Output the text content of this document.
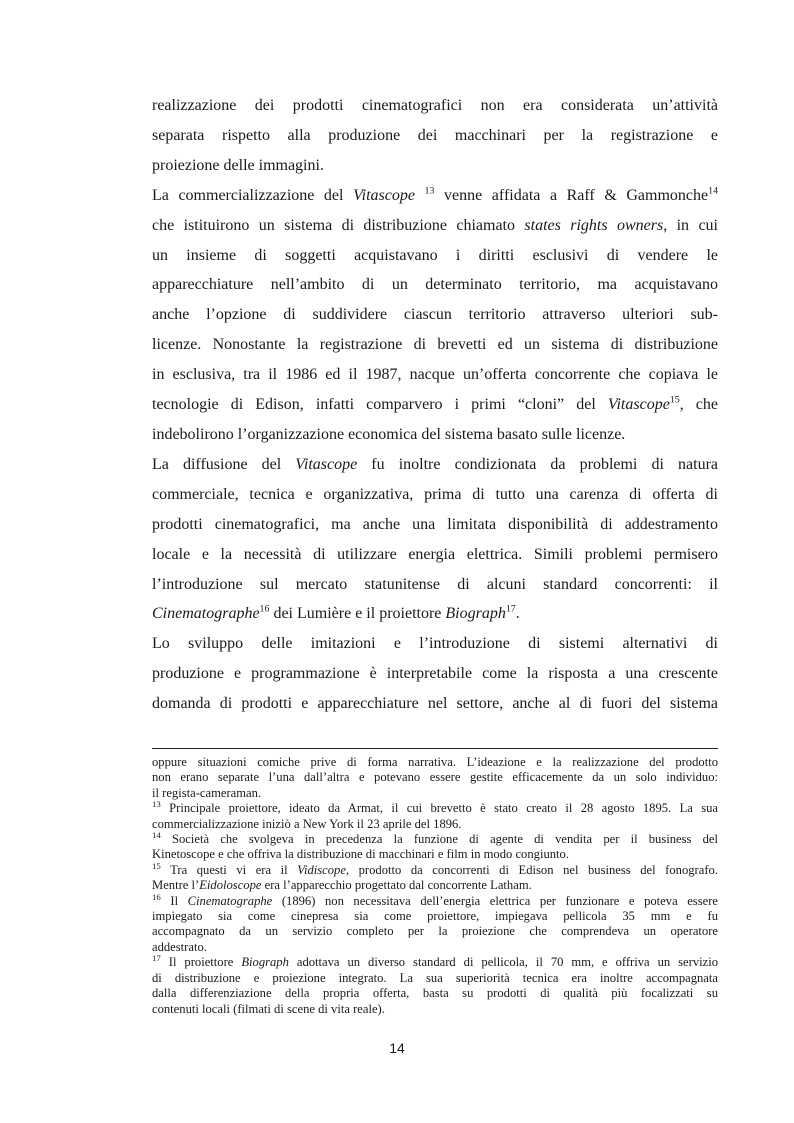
realizzazione dei prodotti cinematografici non era considerata un’attività
separata rispetto alla produzione dei macchinari per la registrazione e
proiezione delle immagini.

La commercializzazione del Vitascope $^{13}$ venne affidata a Raff & Gammonche$^{14}$
che istituirono un sistema di distribuzione chiamato states rights owners, in cui
un insieme di soggetti acquistavano i diritti esclusivi di vendere le
apparecchiature nell’ambito di un determinato territorio, ma acquistavano
anche l’opzione di suddividere ciascun territorio attraverso ulteriori sub-
licenze. Nonostante la registrazione di brevetti ed un sistema di distribuzione
in esclusiva, tra il 1986 ed il 1987, nacque un’offerta concorrente che copiava le
tecnologie di Edison, infatti comparvero i primi “cloni” del Vitascope$^{15}$, che
indebolirono l’organizzazione economica del sistema basato sulle licenze.

La diffusione del Vitascope fu inoltre condizionata da problemi di natura
commerciale, tecnica e organizzativa, prima di tutto una carenza di offerta di
prodotti cinematografici, ma anche una limitata disponibilità di addestramento
locale e la necessità di utilizzare energia elettrica. Simili problemi permisero
l’introduzione sul mercato statunitense di alcuni standard concorrenti: il
Cinematographe$^{16}$ dei Lumière e il proiettore Biograph$^{17}$.

Lo sviluppo delle imitazioni e l’introduzione di sistemi alternativi di
produzione e programmazione è interpretabile come la risposta a una crescente
domanda di prodotti e apparecchiature nel settore, anche al di fuori del sistema

oppure situazioni comiche prive di forma narrativa. L’ideazione e la realizzazione del prodotto
non erano separate l’una dall’altra e potevano essere gestite efficacemente da un solo individuo:
il regista-cameraman.

$^{13}$ Principale proiettore, ideato da Armat, il cui brevetto è stato creato il 28 agosto 1895. La sua
commercializzazione iniziò a New York il 23 aprile del 1896.

$^{14}$ Società che svolgeva in precedenza la funzione di agente di vendita per il business del
Kinetoscope e che offriva la distribuzione di macchinari e film in modo congiunto.

$^{15}$ Tra questi vi era il Vidiscope, prodotto da concorrenti di Edison nel business del fonografo.
Mentre l’Eidoloscope era l’apparecchio progettato dal concorrente Latham.

$^{16}$ Il Cinematographe (1896) non necessitava dell’energia elettrica per funzionare e poteva essere
impiegato sia come cinepresa sia come proiettore, impiegava pellicola 35 mm e fu
accompagnato da un servizio completo per la proiezione che comprendeva un operatore
addestrato.

$^{17}$ Il proiettore Biograph adottava un diverso standard di pellicola, il 70 mm, e offriva un servizio
di distribuzione e proiezione integrato. La sua superiorità tecnica era inoltre accompagnata
dalla differenziazione della propria offerta, basta su prodotti di qualità più focalizzati su
contenuti locali (filmati di scene di vita reale).

14
